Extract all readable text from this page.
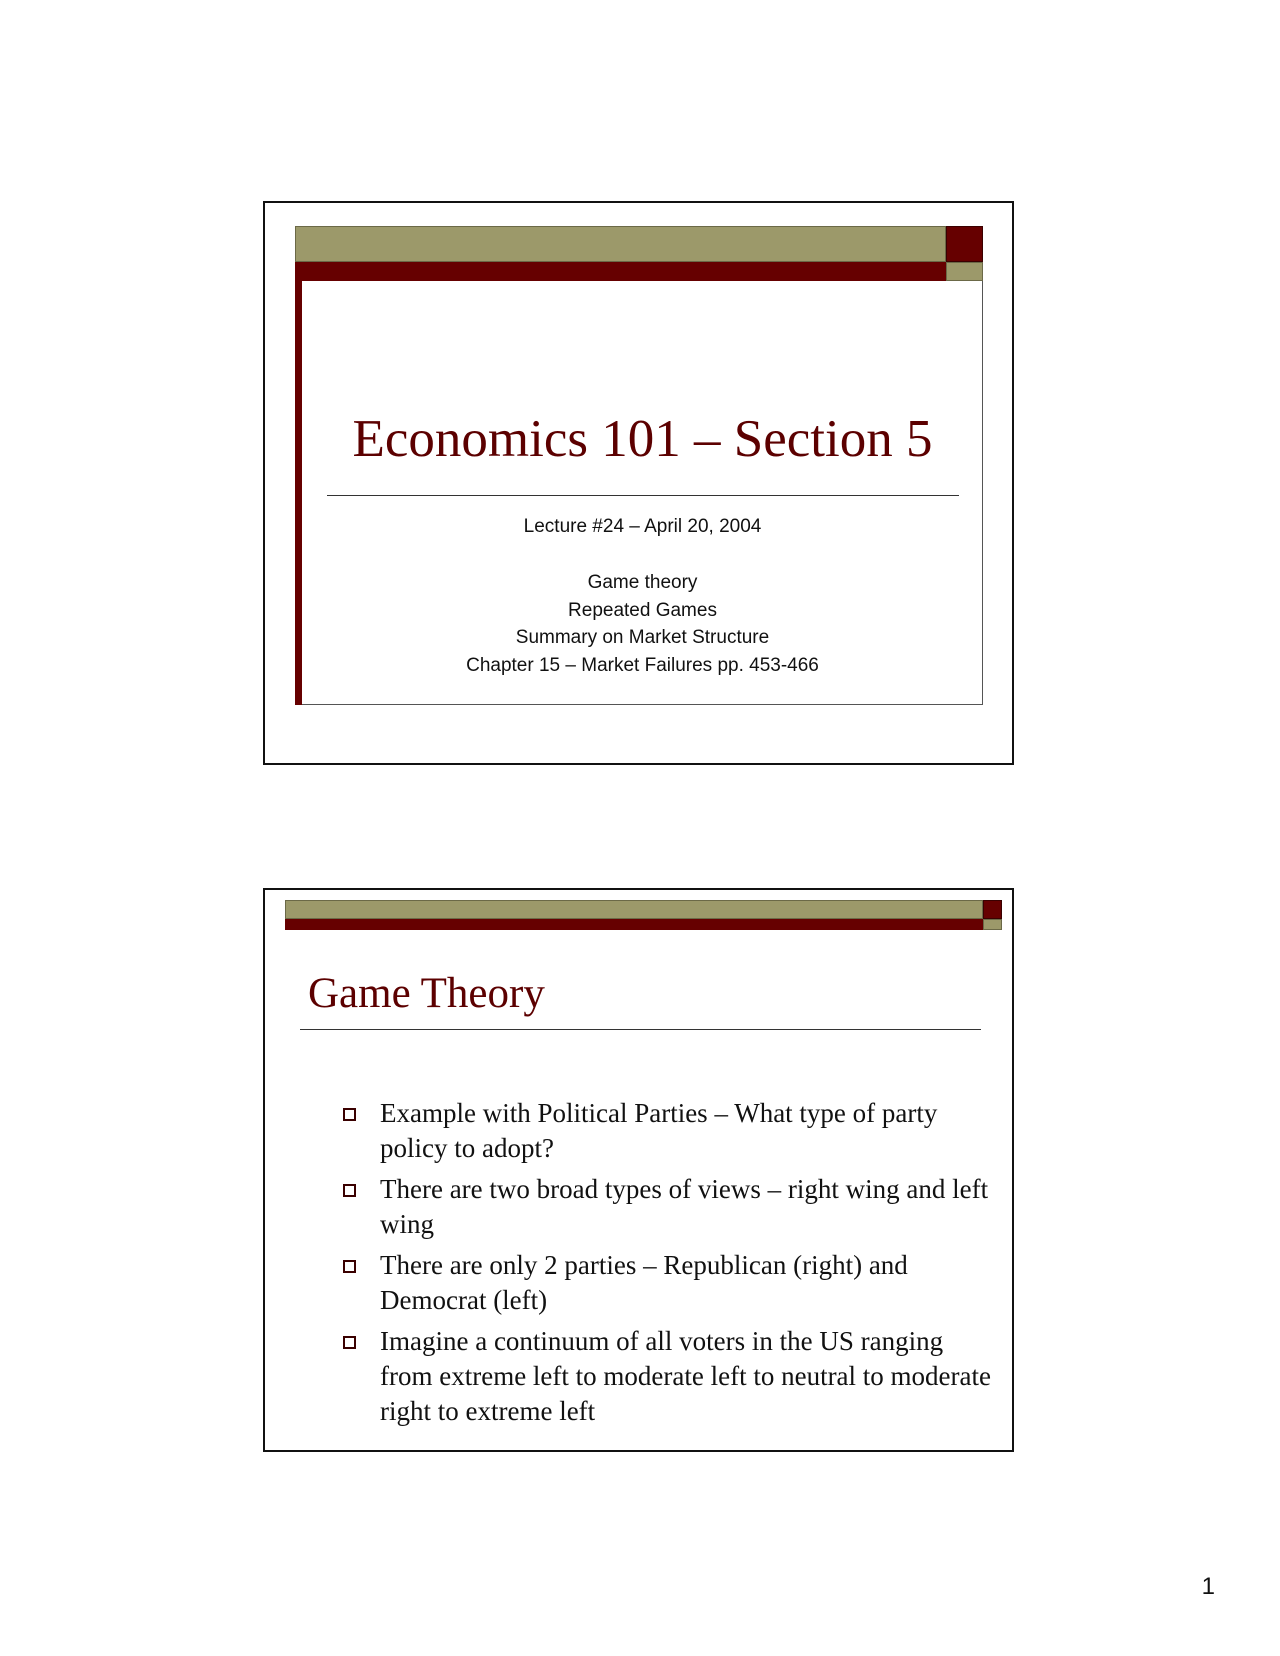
Economics 101 – Section 5
Lecture #24 – April 20, 2004
Game theory
Repeated Games
Summary on Market Structure
Chapter 15 – Market Failures pp. 453-466
Game Theory
Example with Political Parties – What type of party policy to adopt?
There are two broad types of views – right wing and left wing
There are only 2 parties – Republican (right) and Democrat (left)
Imagine a continuum of all voters in the US ranging from extreme left to moderate left to neutral to moderate right to extreme left
1
